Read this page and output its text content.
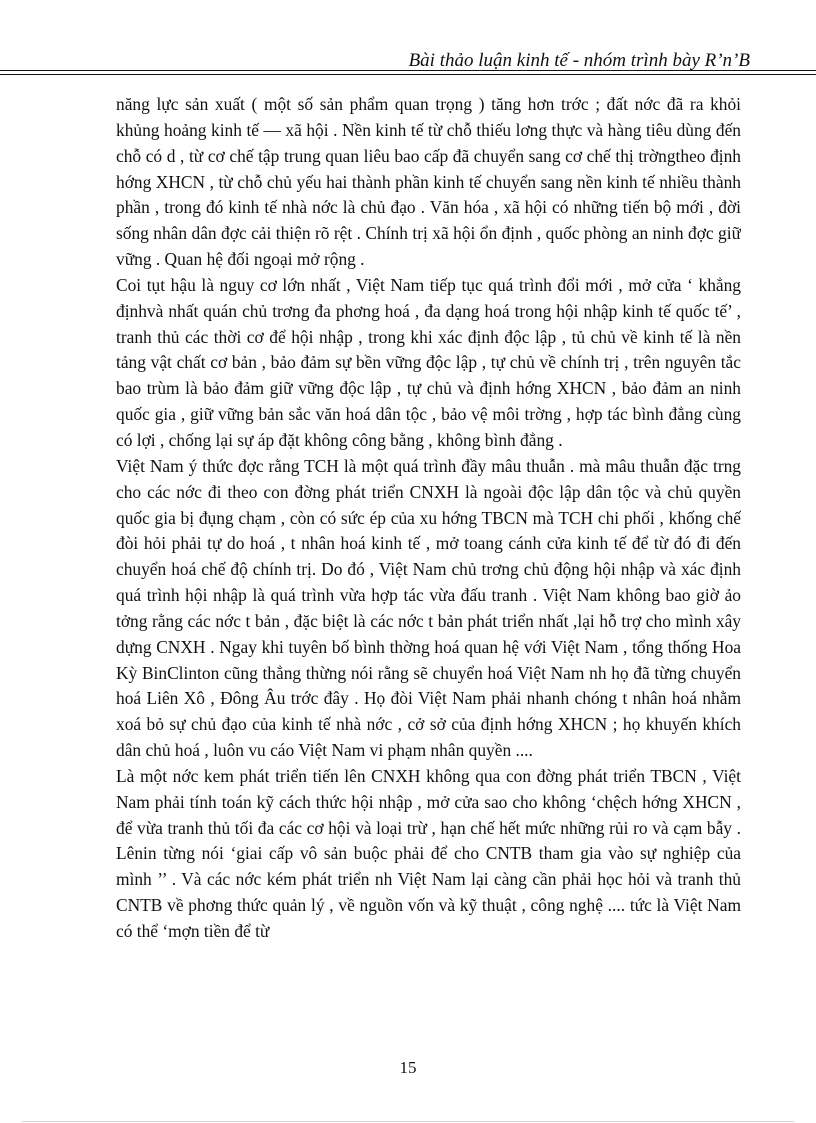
Bài thảo luận kinh tế - nhóm trình bày R’n’B

năng lực sản xuất ( một số sản phẩm quan trọng ) tăng hơn trớc ; đất nớc đã ra khỏi khủng hoảng kinh tế — xã hội . Nền kinh tế từ chỗ thiếu lơng thực và hàng tiêu dùng đến chỗ có d , từ cơ chế tập trung quan liêu bao cấp đã chuyển sang cơ chế thị trờngtheo định hớng XHCN , từ chỗ chủ yếu hai thành phần kinh tế chuyển sang nền kinh tế nhiều thành phần , trong đó kinh tế nhà nớc là chủ đạo . Văn hóa , xã hội có những tiến bộ mới , đời sống nhân dân đợc cải thiện rõ rệt . Chính trị xã hội ổn định , quốc phòng an ninh đợc giữ vững . Quan hệ đối ngoại mở rộng .

Coi tụt hậu là nguy cơ lớn nhất , Việt Nam tiếp tục quá trình đổi mới , mở cửa ‘ khẳng địnhvà nhất quán chủ trơng đa phơng hoá , đa dạng hoá trong hội nhập kinh tế quốc tế’ , tranh thủ các thời cơ để hội nhập , trong khi xác định độc lập , tủ chủ về kinh tế là nền tảng vật chất cơ bản , bảo đảm sự bền vững độc lập , tự chủ về chính trị , trên nguyên tắc bao trùm là bảo đảm giữ vững độc lập , tự chủ và định hớng XHCN , bảo đảm an ninh quốc gia , giữ vững bản sắc văn hoá dân tộc , bảo vệ môi trờng , hợp tác bình đẳng cùng có lợi , chống lại sự áp đặt không công bằng , không bình đẳng .

Việt Nam ý thức đợc rằng TCH là một quá trình đầy mâu thuẫn . mà mâu thuẫn đặc trng cho các nớc đi theo con đờng phát triển CNXH là ngoài độc lập dân tộc và chủ quyền quốc gia bị đụng chạm , còn có sức ép của xu hớng TBCN mà TCH chi phối , khống chế đòi hỏi phải tự do hoá , t nhân hoá kinh tế , mở toang cánh cửa kinh tế để từ đó đi đến chuyển hoá chế độ chính trị. Do đó , Việt Nam chủ trơng chủ động hội nhập và xác định quá trình hội nhập là quá trình vừa hợp tác vừa đấu tranh . Việt Nam không bao giờ ảo tởng rằng các nớc t bản , đặc biệt là các nớc t bản phát triển nhất ,lại hỗ trợ cho mình xây dựng CNXH . Ngay khi tuyên bố bình thờng hoá quan hệ với Việt Nam , tổng thống Hoa Kỳ BinClinton cũng thẳng thừng nói rằng sẽ chuyển hoá Việt Nam nh họ đã từng chuyển hoá Liên Xô , Đông Âu trớc đây . Họ đòi Việt Nam phải nhanh chóng t nhân hoá nhằm xoá bỏ sự chủ đạo của kinh tế nhà nớc , cở sở của định hớng XHCN ; họ khuyến khích dân chủ hoá , luôn vu cáo Việt Nam vi phạm nhân quyền ....

Là một nớc kem phát triển tiến lên CNXH không qua con đờng phát triển TBCN , Việt Nam phải tính toán kỹ cách thức hội nhập , mở cửa sao cho không ‘chệch hớng XHCN , để vừa tranh thủ tối đa các cơ hội và loại trừ , hạn chế hết mức những rủi ro và cạm bẫy . Lênin từng nói ‘giai cấp vô sản buộc phải để cho CNTB tham gia vào sự nghiệp của mình ’’ . Và các nớc kém phát triển nh Việt Nam lại càng cần phải học hỏi và tranh thủ CNTB về phơng thức quản lý , về nguồn vốn và kỹ thuật , công nghệ .... tức là Việt Nam có thể ‘mợn tiền để từ

15
